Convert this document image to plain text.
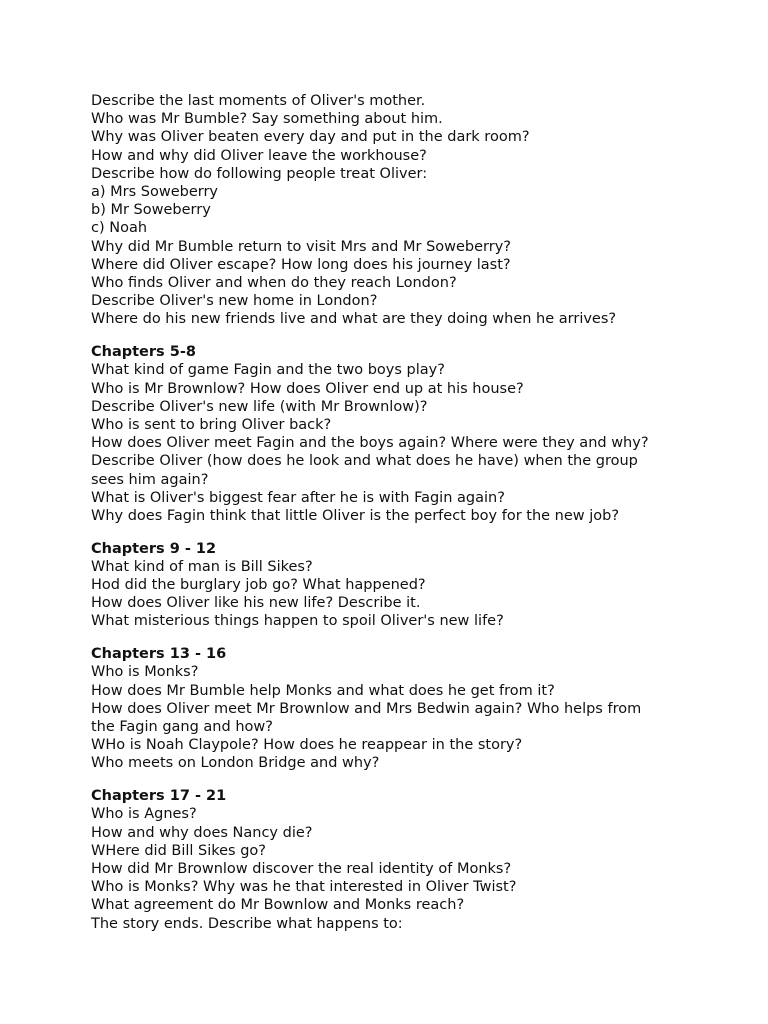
Describe the last moments of Oliver's mother.

Who was Mr Bumble? Say something about him.

Why was Oliver beaten every day and put in the dark room?

How and why did Oliver leave the workhouse?

Describe how do following people treat Oliver:

a) Mrs Soweberry

b) Mr Soweberry

c) Noah

Why did Mr Bumble return to visit Mrs and Mr Soweberry?

Where did Oliver escape? How long does his journey last?

Who finds Oliver and when do they reach London?

Describe Oliver's new home in London?

Where do his new friends live and what are they doing when he arrives?

Chapters 5-8

What kind of game Fagin and the two boys play?

Who is Mr Brownlow? How does Oliver end up at his house?

Describe Oliver's new life (with Mr Brownlow)?

Who is sent to bring Oliver back?

How does Oliver meet Fagin and the boys again? Where were they and why?

Describe Oliver (how does he look and what does he have) when the group

sees him again?

What is Oliver's biggest fear after he is with Fagin again?

Why does Fagin think that little Oliver is the perfect boy for the new job?

Chapters 9 - 12

What kind of man is Bill Sikes?

Hod did the burglary job go? What happened?

How does Oliver like his new life? Describe it.

What misterious things happen to spoil Oliver's new life?

Chapters 13 - 16

Who is Monks?

How does Mr Bumble help Monks and what does he get from it?

How does Oliver meet Mr Brownlow and Mrs Bedwin again? Who helps from

the Fagin gang and how?

WHo is Noah Claypole? How does he reappear in the story?

Who meets on London Bridge and why?

Chapters 17 - 21

Who is Agnes?

How and why does Nancy die?

WHere did Bill Sikes go?

How did Mr Brownlow discover the real identity of Monks?

Who is Monks? Why was he that interested in Oliver Twist?

What agreement do Mr Bownlow and Monks reach?

The story ends. Describe what happens to:
